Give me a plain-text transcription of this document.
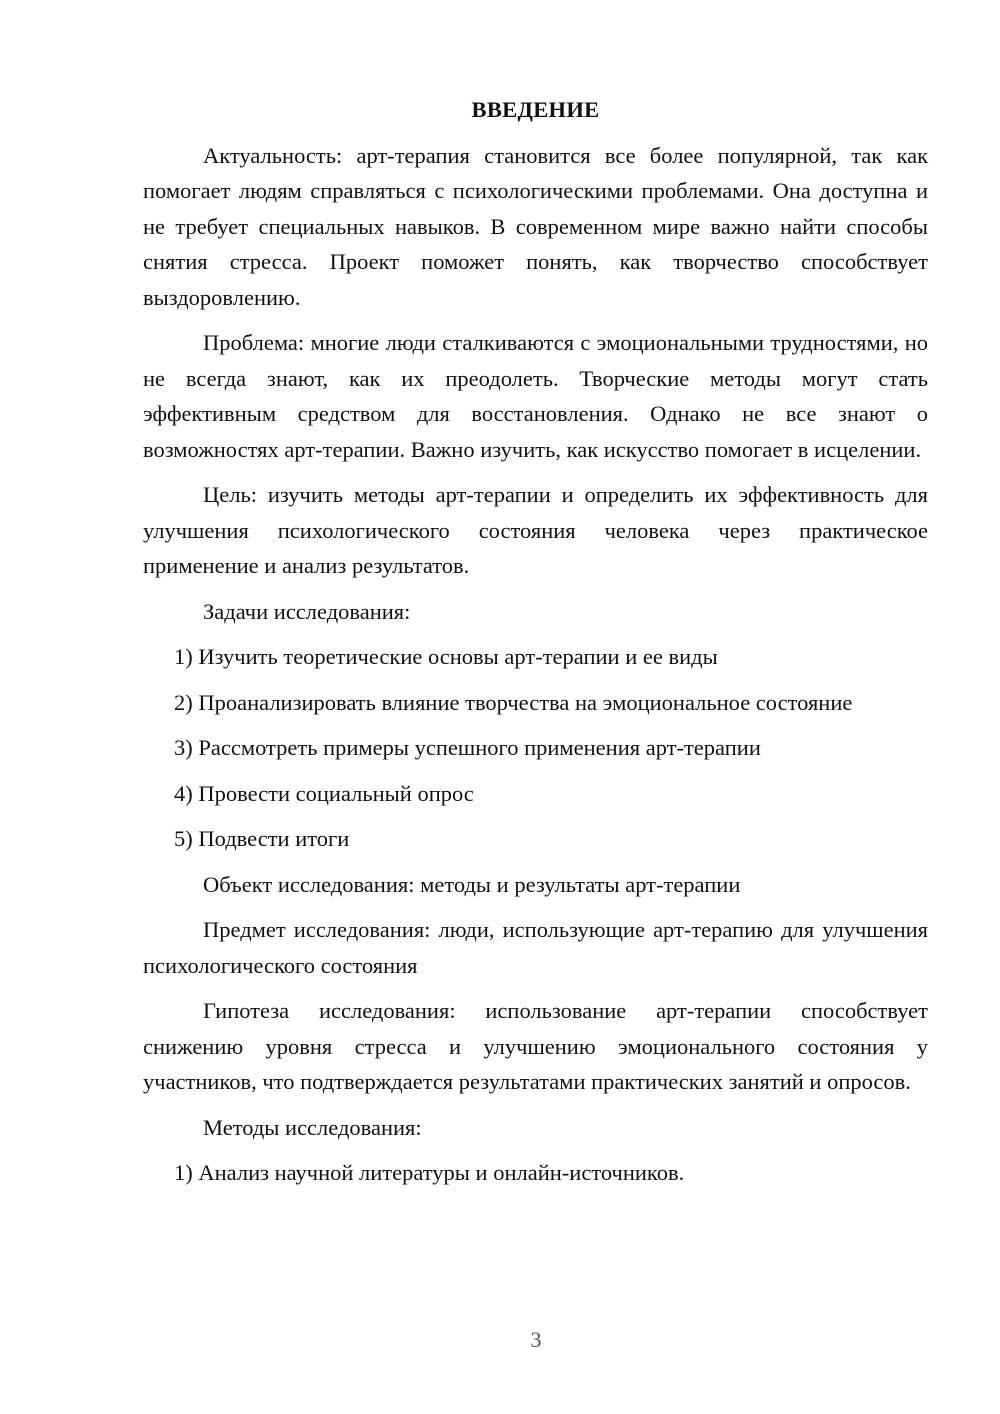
ВВЕДЕНИЕ
Актуальность: арт-терапия становится все более популярной, так как помогает людям справляться с психологическими проблемами. Она доступна и не требует специальных навыков. В современном мире важно найти способы снятия стресса. Проект поможет понять, как творчество способствует выздоровлению.
Проблема: многие люди сталкиваются с эмоциональными трудностями, но не всегда знают, как их преодолеть. Творческие методы могут стать эффективным средством для восстановления. Однако не все знают о возможностях арт-терапии. Важно изучить, как искусство помогает в исцелении.
Цель: изучить методы арт-терапии и определить их эффективность для улучшения психологического состояния человека через практическое применение и анализ результатов.
Задачи исследования:
1) Изучить теоретические основы арт-терапии и ее виды
2) Проанализировать влияние творчества на эмоциональное состояние
3) Рассмотреть примеры успешного применения арт-терапии
4) Провести социальный опрос
5) Подвести итоги
Объект исследования: методы и результаты арт-терапии
Предмет исследования: люди, использующие арт-терапию для улучшения психологического состояния
Гипотеза исследования: использование арт-терапии способствует снижению уровня стресса и улучшению эмоционального состояния у участников, что подтверждается результатами практических занятий и опросов.
Методы исследования:
1) Анализ научной литературы и онлайн-источников.
3
